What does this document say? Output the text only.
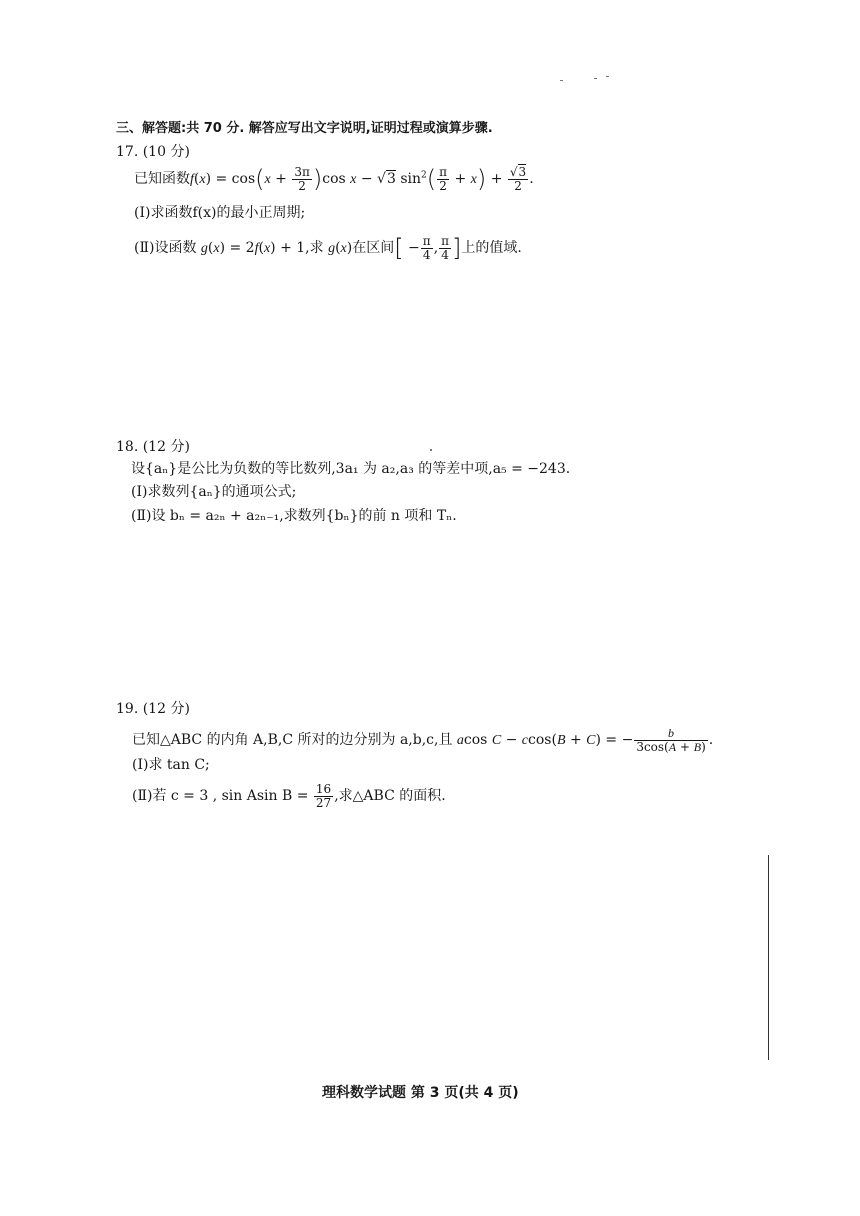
三、解答题:共 70 分. 解答应写出文字说明,证明过程或演算步骤.
17. (10 分)
已知函数$f(x) = \cos(x + \frac{3\pi}{2} )\cos$ x − √3 $\sin^2( \frac{\pi}{2} + x) + \frac{√3}{2}$ .
(Ⅰ)求函数f(x)的最小正周期;
(Ⅱ)设函数 g(x) = 2f(x) + 1,求 g(x)在区间[ − $\frac{\pi}{4}$ , $\frac{\pi}{4}$ ]上的值域.
18. (12 分)
设{aₙ}是公比为负数的等比数列,3a₁ 为 a₂,a₃ 的等差中项,a₅ = −243.
(Ⅰ)求数列{aₙ}的通项公式;
(Ⅱ)设 bₙ = a₂ₙ + a₂ₙ₋₁,求数列{bₙ}的前 n 项和 Tₙ.
19. (12 分)
已知△ABC 的内角 A,B,C 所对的边分别为 a,b,c,且 acos C − ccos(B + C) = − $\frac{b}{3\cos(A + B)}$ .
(Ⅰ)求 tan C;
(Ⅱ)若 c = 3 , sin Asin $B = \frac{16}{27}$ ,求△ABC 的面积.
理科数学试题 第 3 页(共 4 页)
